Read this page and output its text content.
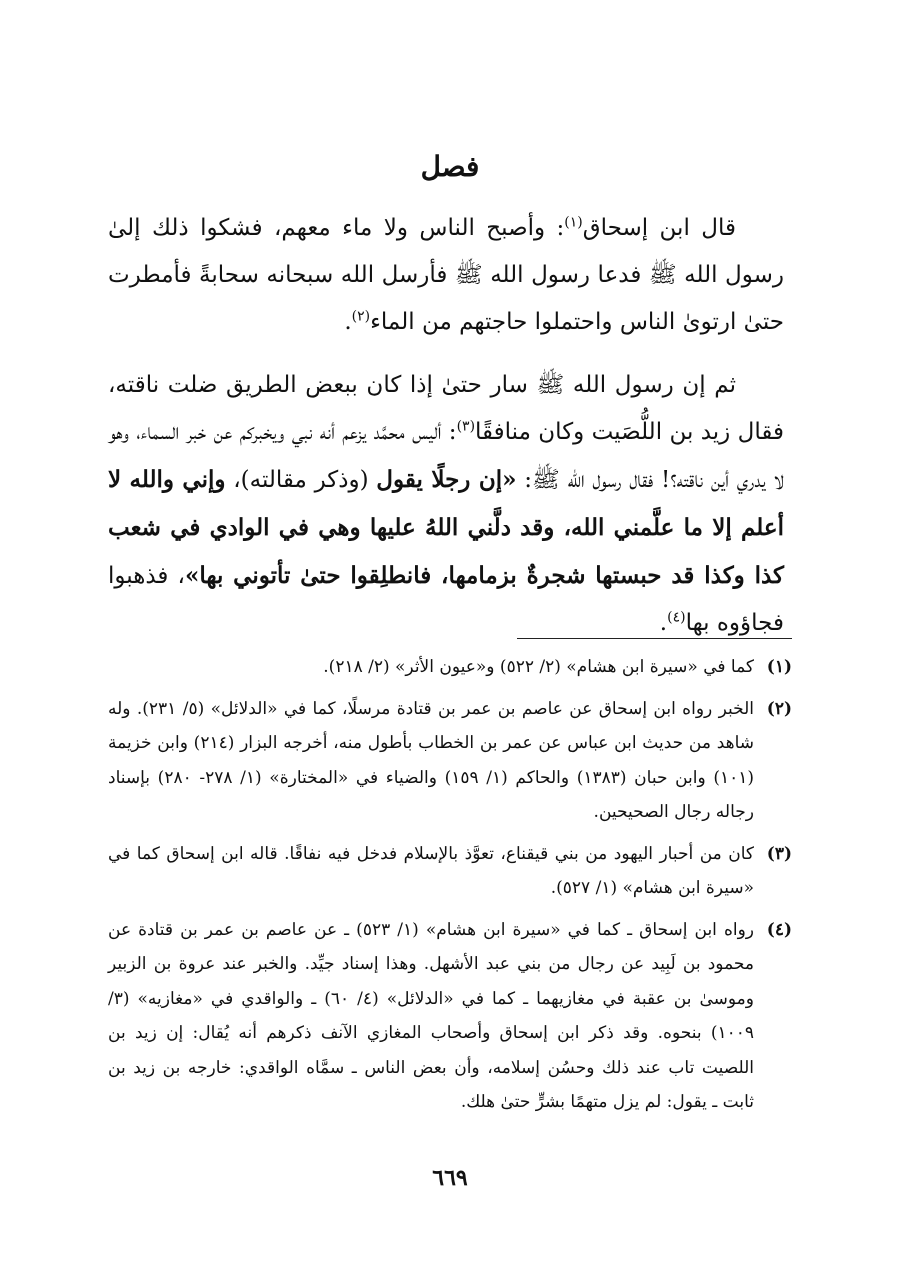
فصل

قال ابن إسحاق$^{(١)}$: وأصبح الناس ولا ماء معهم، فشكوا ذلك إلىٰ رسول الله ﷺ فدعا رسول الله ﷺ فأرسل الله سبحانه سحابةً فأمطرت حتىٰ ارتوىٰ الناس واحتملوا حاجتهم من الماء$^{(٢)}$.

ثم إن رسول الله ﷺ سار حتىٰ إذا كان ببعض الطريق ضلت ناقته، فقال زيد بن اللُّصَيت وكان منافقًا$^{(٣)}$: أليس محمَّد يزعم أنه نبي ويخبركم عن خبر السماء، وهو لا يدري أين ناقته؟! فقال رسول الله ﷺ: «إن رجلًا يقول (وذكر مقالته)، وإني والله لا أعلم إلا ما علَّمني الله، وقد دلَّني اللهُ عليها وهي في الوادي في شعب كذا وكذا قد حبستها شجرةٌ بزمامها، فانطلِقوا حتىٰ تأتوني بها»، فذهبوا فجاؤوه بها$^{(٤)}$.

(١)
كما في «سيرة ابن هشام» (٢/ ٥٢٢) و«عيون الأثر» (٢/ ٢١٨).
(٢)
الخبر رواه ابن إسحاق عن عاصم بن عمر بن قتادة مرسلًا، كما في «الدلائل» (٥/ ٢٣١). وله شاهد من حديث ابن عباس عن عمر بن الخطاب بأطول منه، أخرجه البزار (٢١٤) وابن خزيمة (١٠١) وابن حبان (١٣٨٣) والحاكم (١/ ١٥٩) والضياء في «المختارة» (١/ ٢٧٨- ٢٨٠) بإسناد رجاله رجال الصحيحين.
(٣)
كان من أحبار اليهود من بني قيقناع، تعوَّذ بالإسلام فدخل فيه نفاقًا. قاله ابن إسحاق كما في «سيرة ابن هشام» (١/ ٥٢٧).
(٤)
رواه ابن إسحاق ـ كما في «سيرة ابن هشام» (١/ ٥٢٣) ـ عن عاصم بن عمر بن قتادة عن محمود بن لَبِيد عن رجال من بني عبد الأشهل. وهذا إسناد جيِّد. والخبر عند عروة بن الزبير وموسىٰ بن عقبة في مغازيهما ـ كما في «الدلائل» (٤/ ٦٠) ـ والواقدي في «مغازيه» (٣/ ١٠٠٩) بنحوه. وقد ذكر ابن إسحاق وأصحاب المغازي الآنف ذكرهم أنه يُقال: إن زيد بن اللصيت تاب عند ذلك وحسُن إسلامه، وأن بعض الناس ـ سمَّاه الواقدي: خارجه بن زيد بن ثابت ـ يقول: لم يزل متهمًا بشرٍّ حتىٰ هلك.
٦٦٩
